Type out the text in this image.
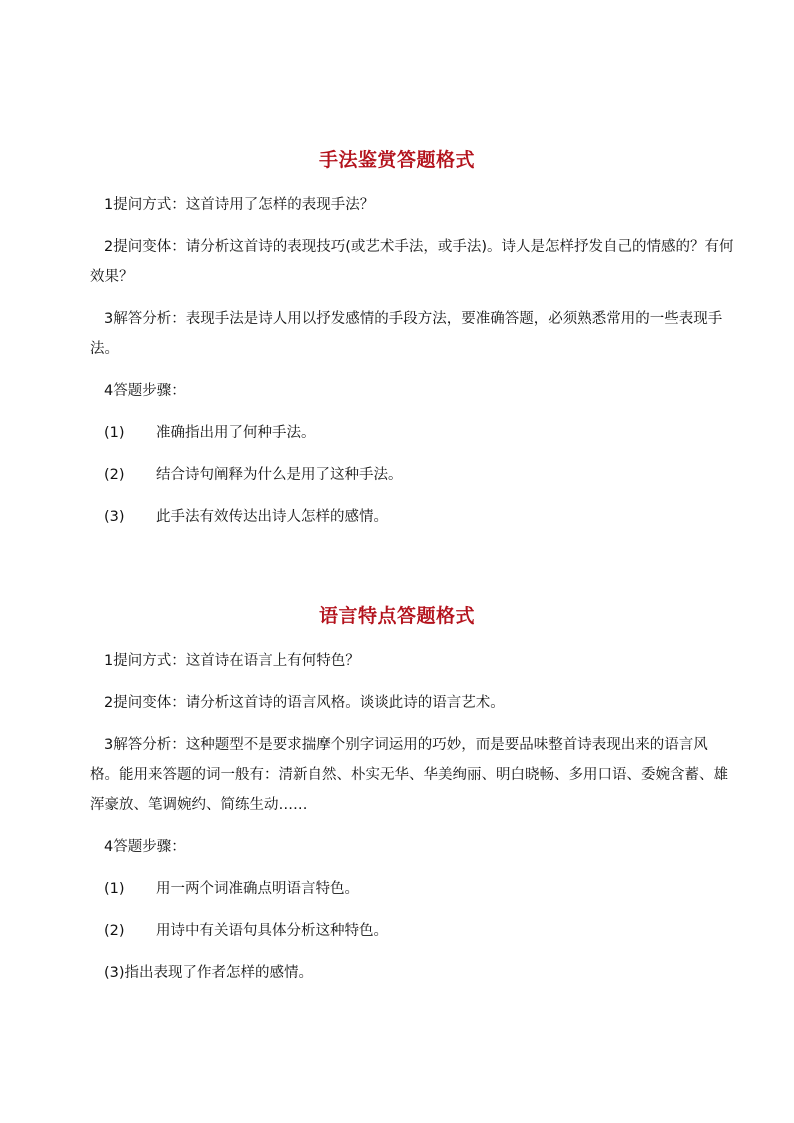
手法鉴赏答题格式

1提问方式：这首诗用了怎样的表现手法？

2提问变体：请分析这首诗的表现技巧(或艺术手法，或手法)。诗人是怎样抒发自己的情感的？有何效果？

3解答分析：表现手法是诗人用以抒发感情的手段方法，要准确答题，必须熟悉常用的一些表现手法。

4答题步骤：

(1) 准确指出用了何种手法。

(2) 结合诗句阐释为什么是用了这种手法。

(3) 此手法有效传达出诗人怎样的感情。

语言特点答题格式

1提问方式：这首诗在语言上有何特色？

2提问变体：请分析这首诗的语言风格。谈谈此诗的语言艺术。

3解答分析：这种题型不是要求揣摩个别字词运用的巧妙，而是要品味整首诗表现出来的语言风格。能用来答题的词一般有：清新自然、朴实无华、华美绚丽、明白晓畅、多用口语、委婉含蓄、雄浑豪放、笔调婉约、简练生动……

4答题步骤：

(1) 用一两个词准确点明语言特色。

(2) 用诗中有关语句具体分析这种特色。

(3)指出表现了作者怎样的感情。
